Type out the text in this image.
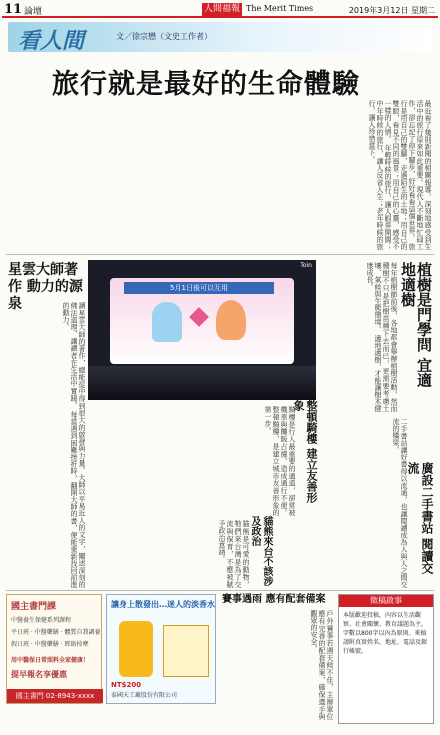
11 論壇	人間福報 The Merit Times	2019年3月12日 星期二
看人間	文／徐宗懋（文史工作者）
旅行就是最好的生命體驗
最近看了幾則新聞的相關報導，深刻地感受到生活中的旅行原來如此重要。現代人不斷地忙碌工作，卻忘記了停下腳步，好好看看這個世界。 旅行是用自己的雙腳，走過陌生的土地；用自己的雙眼，看見不同的風景；用自己的心靈，感受不一樣的人情。 年輕時候的旅行，讓人眼界開闊；中年時候的旅行，讓人反省人生；老年時候的旅行，讓人珍惜當下。
星雲大師著作 動力的源泉	讀星雲大師的著作，總能從中得到很大的啟發與力量。大師以平易近人的文字，闡述深刻的佛法道理，讓讀者在生活中實踐。 每當遇到困難挫折時，翻開大師的書，便能重新找回前進的動力。
5月1日後可以互用
Toin	植樹是門學問 宜適地適樹
每年植樹節前後，各地都會舉辦植樹活動，然而種樹不只是把樹苗種下去而已，更需要考慮土壤、氣候與生態環境。 適地適樹，才能讓樹木健康成長。
整頓騎樓 建立友善形象
騎樓是行人最重要的通道，卻常被機車與攤販占據，造成通行不便。整頓騎樓，是建立城市友善形象的第一步。
廣設二手書站 閱讀交流
二手書站讓好書得以流通，也讓閱讀成為人與人之間交流的橋梁。
貓熊來台不該涉及政治
貓熊是可愛的動物，牠們來台灣是為了交流與保育，不應被賦予政治意涵。
賽事遇雨 應有配套備案
戶外賽事若遇天候不佳，主辦單位應有完善的配套備案，確保選手與觀眾的安全。
國主書門課
中醫養生保健系列課程
平日班 · 中醫藥膳 · 體質自我調養
假日班 · 中醫藥膳 · 經絡按摩
用中醫保日常照料全家健康！
提早報名享優惠
國主書門 02-8943-xxxx
讓身上散發出…迷人的淡香水
NT$200
泰國天工廠股份有限公司
徵稿啟事
本版歡迎投稿，內容以生活觀察、社會關懷、教育議題為主，字數以800字以內為原則。來稿請附真實姓名、地址、電話及銀行帳號。
